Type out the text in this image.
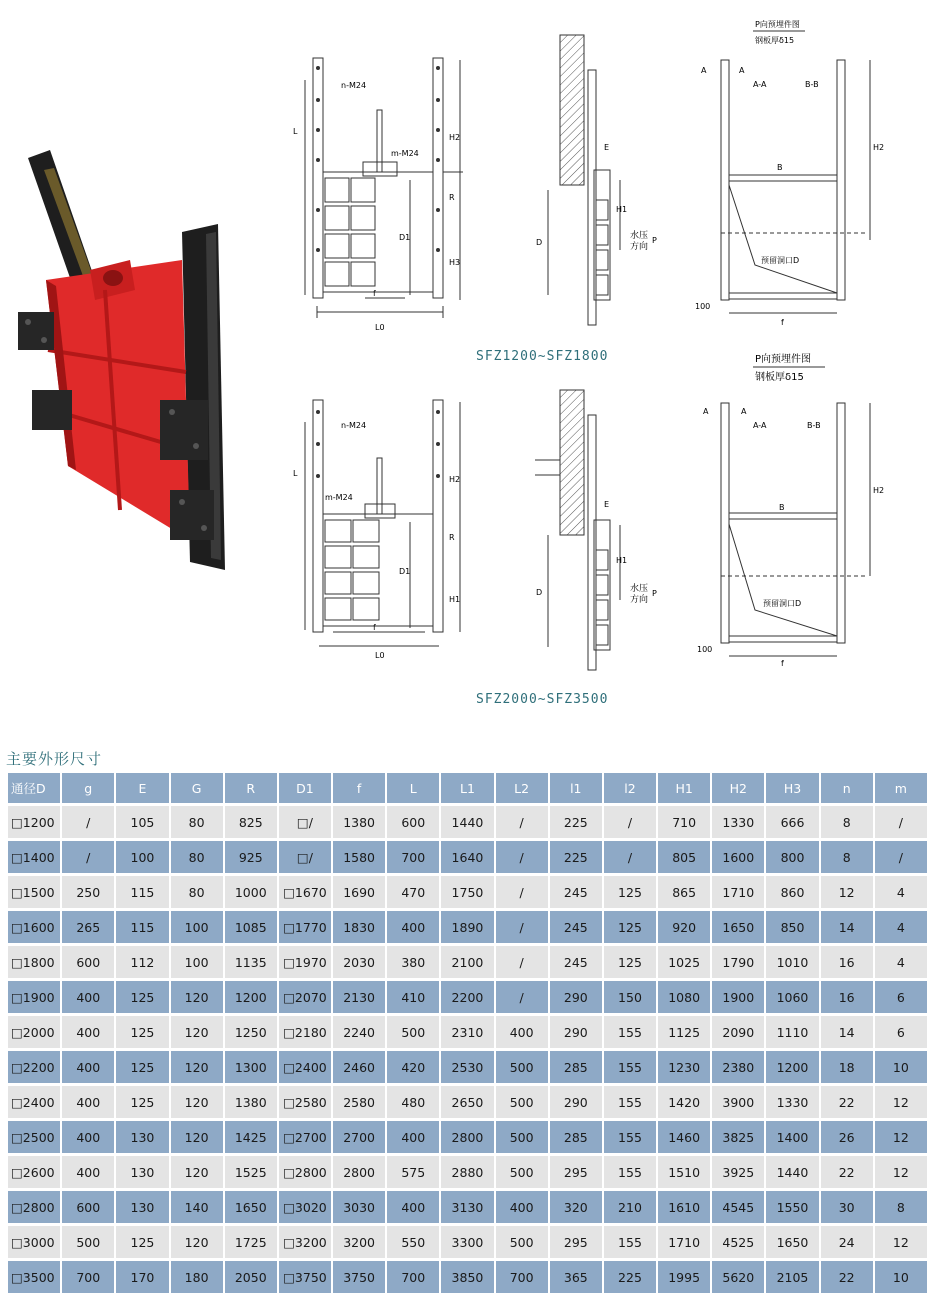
n-M24
m-M24
L
L0
f
D1
R
H2
H3
E
D
H1
水压
方向
P
P向预埋件图
钢板厚δ15
A	A
A-A	B-B
B
H2
预留洞口D
100
f
SFZ1200~SFZ1800
n-M24
m-M24
L
L0
f
D1
R
H2
H1
E
D
H1
水压
方向
P
P向预埋件图
钢板厚δ15
A	A
A-A	B-B
B
H2
预留洞口D
100
f
SFZ2000~SFZ3500
主要外形尺寸
通径D	g	E	G	R	D1	f	L	L1	L2	l1	l2	H1	H2	H3	n	m
□1200	/	105	80	825	□/	1380	600	1440	/	225	/	710	1330	666	8	/
□1400	/	100	80	925	□/	1580	700	1640	/	225	/	805	1600	800	8	/
□1500	250	115	80	1000	□1670	1690	470	1750	/	245	125	865	1710	860	12	4
□1600	265	115	100	1085	□1770	1830	400	1890	/	245	125	920	1650	850	14	4
□1800	600	112	100	1135	□1970	2030	380	2100	/	245	125	1025	1790	1010	16	4
□1900	400	125	120	1200	□2070	2130	410	2200	/	290	150	1080	1900	1060	16	6
□2000	400	125	120	1250	□2180	2240	500	2310	400	290	155	1125	2090	1110	14	6
□2200	400	125	120	1300	□2400	2460	420	2530	500	285	155	1230	2380	1200	18	10
□2400	400	125	120	1380	□2580	2580	480	2650	500	290	155	1420	3900	1330	22	12
□2500	400	130	120	1425	□2700	2700	400	2800	500	285	155	1460	3825	1400	26	12
□2600	400	130	120	1525	□2800	2800	575	2880	500	295	155	1510	3925	1440	22	12
□2800	600	130	140	1650	□3020	3030	400	3130	400	320	210	1610	4545	1550	30	8
□3000	500	125	120	1725	□3200	3200	550	3300	500	295	155	1710	4525	1650	24	12
□3500	700	170	180	2050	□3750	3750	700	3850	700	365	225	1995	5620	2105	22	10
